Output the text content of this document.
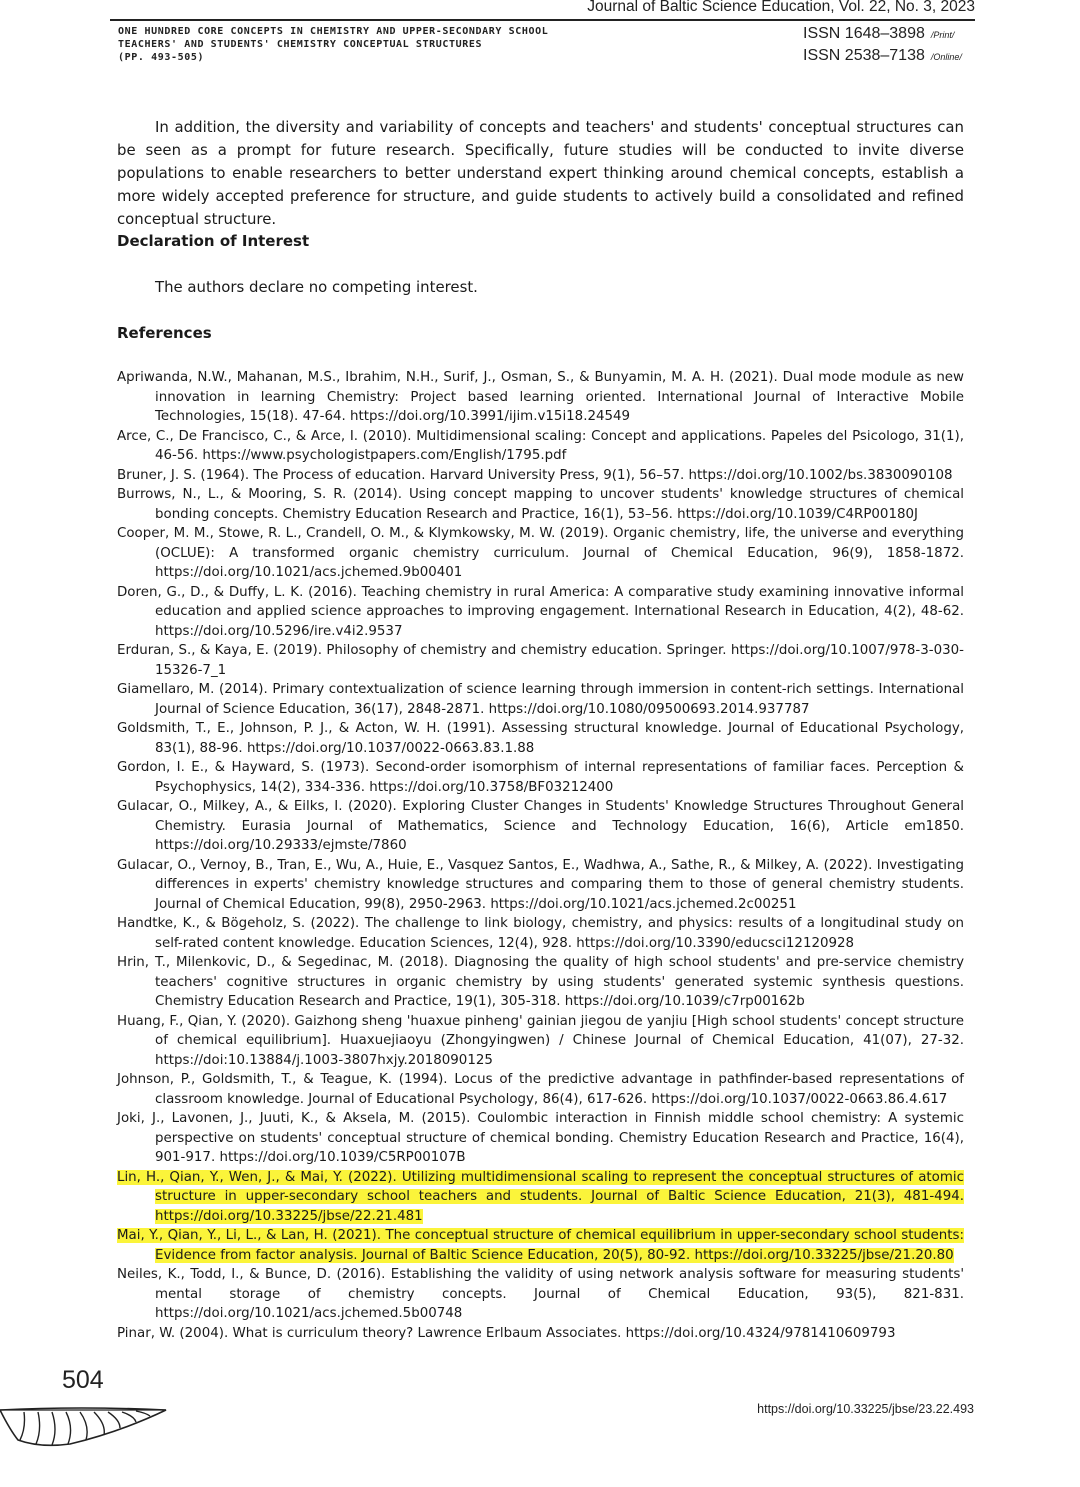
Journal of Baltic Science Education, Vol. 22, No. 3, 2023
ONE HUNDRED CORE CONCEPTS IN CHEMISTRY AND UPPER-SECONDARY SCHOOL
TEACHERS' AND STUDENTS' CHEMISTRY CONCEPTUAL STRUCTURES
(PP. 493-505)
ISSN 1648–3898 /Print/
ISSN 2538–7138 /Online/

In addition, the diversity and variability of concepts and teachers' and students' conceptual structures can be seen as a prompt for future research. Specifically, future studies will be conducted to invite diverse populations to enable researchers to better understand expert thinking around chemical concepts, establish a more widely accepted preference for structure, and guide students to actively build a consolidated and refined conceptual structure.

Declaration of Interest

The authors declare no competing interest.

References
Apriwanda, N.W., Mahanan, M.S., Ibrahim, N.H., Surif, J., Osman, S., & Bunyamin, M. A. H. (2021). Dual mode module as new innovation in learning Chemistry: Project based learning oriented. International Journal of Interactive Mobile Technologies, 15(18). 47-64. https://doi.org/10.3991/ijim.v15i18.24549
Arce, C., De Francisco, C., & Arce, I. (2010). Multidimensional scaling: Concept and applications. Papeles del Psicologo, 31(1), 46-56. https://www.psychologistpapers.com/English/1795.pdf
Bruner, J. S. (1964). The Process of education. Harvard University Press, 9(1), 56–57. https://doi.org/10.1002/bs.3830090108
Burrows, N., L., & Mooring, S. R. (2014). Using concept mapping to uncover students' knowledge structures of chemical bonding concepts. Chemistry Education Research and Practice, 16(1), 53–56. https://doi.org/10.1039/C4RP00180J
Cooper, M. M., Stowe, R. L., Crandell, O. M., & Klymkowsky, M. W. (2019). Organic chemistry, life, the universe and everything (OCLUE): A transformed organic chemistry curriculum. Journal of Chemical Education, 96(9), 1858-1872. https://doi.org/10.1021/acs.jchemed.9b00401
Doren, G., D., & Duffy, L. K. (2016). Teaching chemistry in rural America: A comparative study examining innovative informal education and applied science approaches to improving engagement. International Research in Education, 4(2), 48-62. https://doi.org/10.5296/ire.v4i2.9537
Erduran, S., & Kaya, E. (2019). Philosophy of chemistry and chemistry education. Springer. https://doi.org/10.1007/978-3-030-15326-7_1
Giamellaro, M. (2014). Primary contextualization of science learning through immersion in content-rich settings. International Journal of Science Education, 36(17), 2848-2871. https://doi.org/10.1080/09500693.2014.937787
Goldsmith, T., E., Johnson, P. J., & Acton, W. H. (1991). Assessing structural knowledge. Journal of Educational Psychology, 83(1), 88-96. https://doi.org/10.1037/0022-0663.83.1.88
Gordon, I. E., & Hayward, S. (1973). Second-order isomorphism of internal representations of familiar faces. Perception & Psychophysics, 14(2), 334-336. https://doi.org/10.3758/BF03212400
Gulacar, O., Milkey, A., & Eilks, I. (2020). Exploring Cluster Changes in Students' Knowledge Structures Throughout General Chemistry. Eurasia Journal of Mathematics, Science and Technology Education, 16(6), Article em1850. https://doi.org/10.29333/ejmste/7860
Gulacar, O., Vernoy, B., Tran, E., Wu, A., Huie, E., Vasquez Santos, E., Wadhwa, A., Sathe, R., & Milkey, A. (2022). Investigating differences in experts' chemistry knowledge structures and comparing them to those of general chemistry students. Journal of Chemical Education, 99(8), 2950-2963. https://doi.org/10.1021/acs.jchemed.2c00251
Handtke, K., & Bögeholz, S. (2022). The challenge to link biology, chemistry, and physics: results of a longitudinal study on self-rated content knowledge. Education Sciences, 12(4), 928. https://doi.org/10.3390/educsci12120928
Hrin, T., Milenkovic, D., & Segedinac, M. (2018). Diagnosing the quality of high school students' and pre-service chemistry teachers' cognitive structures in organic chemistry by using students' generated systemic synthesis questions. Chemistry Education Research and Practice, 19(1), 305-318. https://doi.org/10.1039/c7rp00162b
Huang, F., Qian, Y. (2020). Gaizhong sheng 'huaxue pinheng' gainian jiegou de yanjiu [High school students' concept structure of chemical equilibrium]. Huaxuejiaoyu (Zhongyingwen) / Chinese Journal of Chemical Education, 41(07), 27-32. https://doi:10.13884/j.1003-3807hxjy.2018090125
Johnson, P., Goldsmith, T., & Teague, K. (1994). Locus of the predictive advantage in pathfinder-based representations of classroom knowledge. Journal of Educational Psychology, 86(4), 617-626. https://doi.org/10.1037/0022-0663.86.4.617
Joki, J., Lavonen, J., Juuti, K., & Aksela, M. (2015). Coulombic interaction in Finnish middle school chemistry: A systemic perspective on students' conceptual structure of chemical bonding. Chemistry Education Research and Practice, 16(4), 901-917. https://doi.org/10.1039/C5RP00107B
Lin, H., Qian, Y., Wen, J., & Mai, Y. (2022). Utilizing multidimensional scaling to represent the conceptual structures of atomic structure in upper-secondary school teachers and students. Journal of Baltic Science Education, 21(3), 481-494. https://doi.org/10.33225/jbse/22.21.481
Mai, Y., Qian, Y., Li, L., & Lan, H. (2021). The conceptual structure of chemical equilibrium in upper-secondary school students: Evidence from factor analysis. Journal of Baltic Science Education, 20(5), 80-92. https://doi.org/10.33225/jbse/21.20.80
Neiles, K., Todd, I., & Bunce, D. (2016). Establishing the validity of using network analysis software for measuring students' mental storage of chemistry concepts. Journal of Chemical Education, 93(5), 821-831. https://doi.org/10.1021/acs.jchemed.5b00748
Pinar, W. (2004). What is curriculum theory? Lawrence Erlbaum Associates. https://doi.org/10.4324/9781410609793
504
https://doi.org/10.33225/jbse/23.22.493
